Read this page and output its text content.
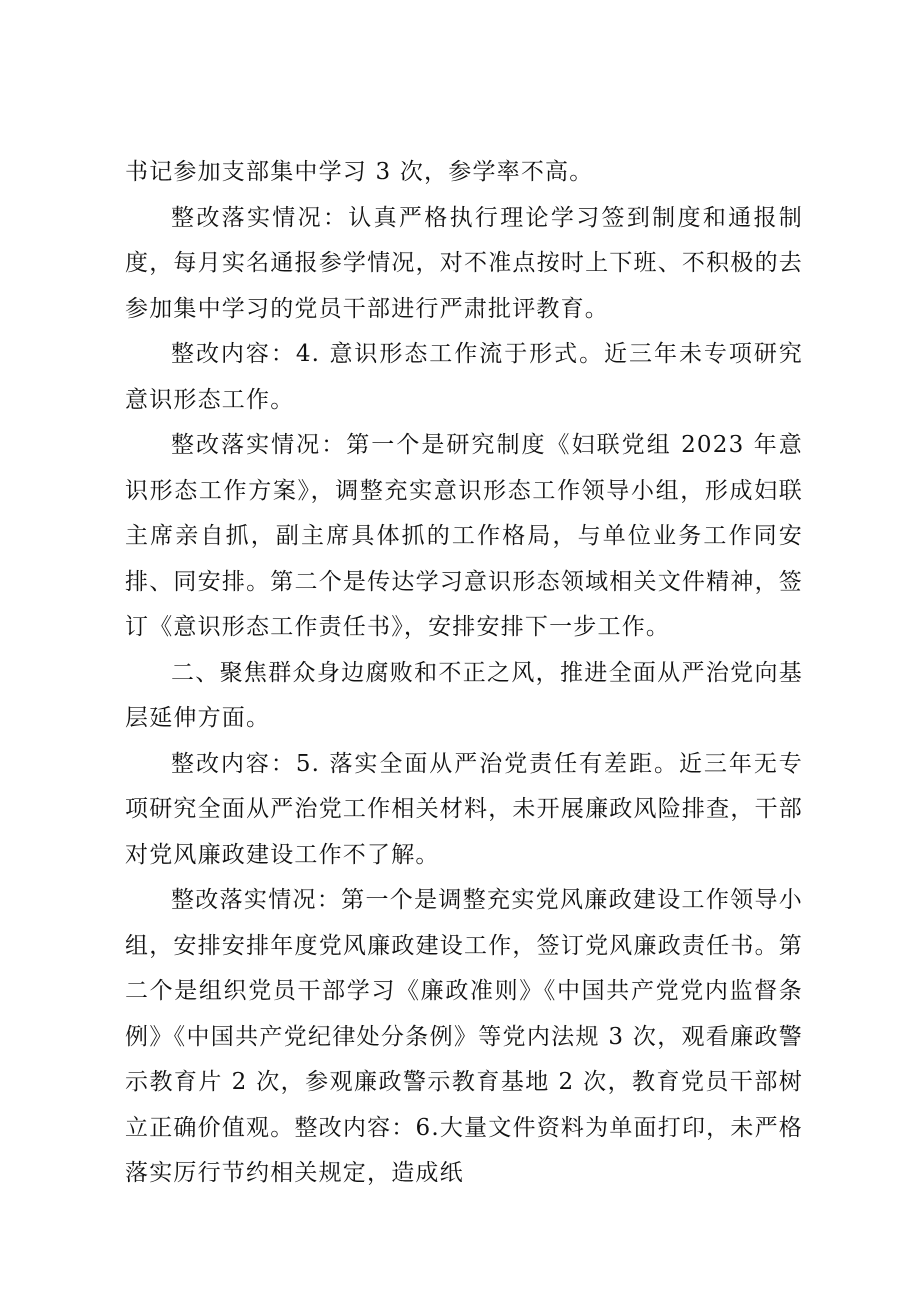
书记参加支部集中学习 3 次，参学率不高。

整改落实情况：认真严格执行理论学习签到制度和通报制度，每月实名通报参学情况，对不准点按时上下班、不积极的去参加集中学习的党员干部进行严肃批评教育。

整改内容：4. 意识形态工作流于形式。近三年未专项研究意识形态工作。

整改落实情况：第一个是研究制度《妇联党组 2023 年意识形态工作方案》，调整充实意识形态工作领导小组，形成妇联主席亲自抓，副主席具体抓的工作格局，与单位业务工作同安排、同安排。第二个是传达学习意识形态领域相关文件精神，签订《意识形态工作责任书》，安排安排下一步工作。

二、聚焦群众身边腐败和不正之风，推进全面从严治党向基层延伸方面。

整改内容：5. 落实全面从严治党责任有差距。近三年无专项研究全面从严治党工作相关材料，未开展廉政风险排查，干部对党风廉政建设工作不了解。

整改落实情况：第一个是调整充实党风廉政建设工作领导小组，安排安排年度党风廉政建设工作，签订党风廉政责任书。第二个是组织党员干部学习《廉政准则》《中国共产党党内监督条例》《中国共产党纪律处分条例》等党内法规 3 次，观看廉政警示教育片 2 次，参观廉政警示教育基地 2 次，教育党员干部树立正确价值观。整改内容：6.大量文件资料为单面打印，未严格落实厉行节约相关规定，造成纸
